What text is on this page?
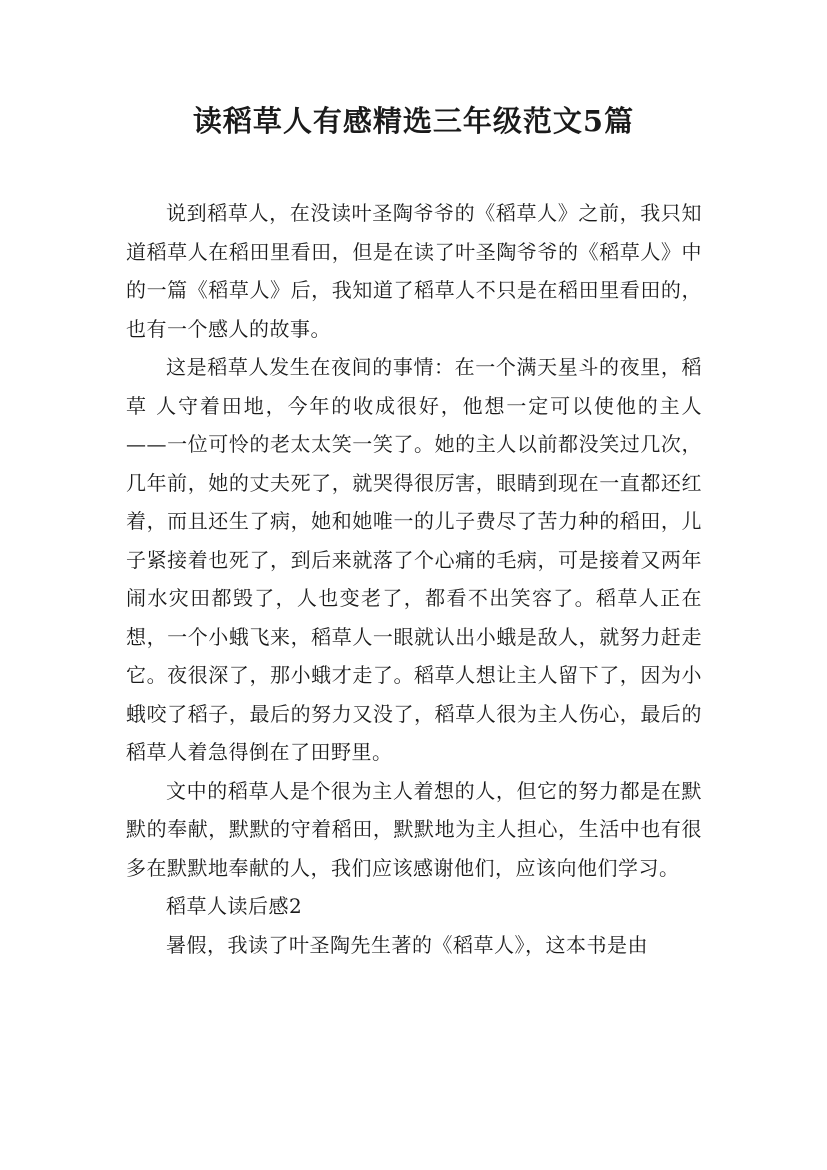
读稻草人有感精选三年级范文5篇

说到稻草人，在没读叶圣陶爷爷的《稻草人》之前，我只知道稻草人在稻田里看田，但是在读了叶圣陶爷爷的《稻草人》中的一篇《稻草人》后，我知道了稻草人不只是在稻田里看田的，也有一个感人的故事。

这是稻草人发生在夜间的事情：在一个满天星斗的夜里，稻草 人守着田地，今年的收成很好，他想一定可以使他的主人——一位可怜的老太太笑一笑了。她的主人以前都没笑过几次，几年前，她的丈夫死了，就哭得很厉害，眼睛到现在一直都还红着，而且还生了病，她和她唯一的儿子费尽了苦力种的稻田，儿子紧接着也死了，到后来就落了个心痛的毛病，可是接着又两年闹水灾田都毁了，人也变老了，都看不出笑容了。稻草人正在想，一个小蛾飞来，稻草人一眼就认出小蛾是敌人，就努力赶走它。夜很深了，那小蛾才走了。稻草人想让主人留下了，因为小蛾咬了稻子，最后的努力又没了，稻草人很为主人伤心，最后的稻草人着急得倒在了田野里。

文中的稻草人是个很为主人着想的人，但它的努力都是在默默的奉献，默默的守着稻田，默默地为主人担心，生活中也有很多在默默地奉献的人，我们应该感谢他们，应该向他们学习。

稻草人读后感2

暑假，我读了叶圣陶先生著的《稻草人》，这本书是由
